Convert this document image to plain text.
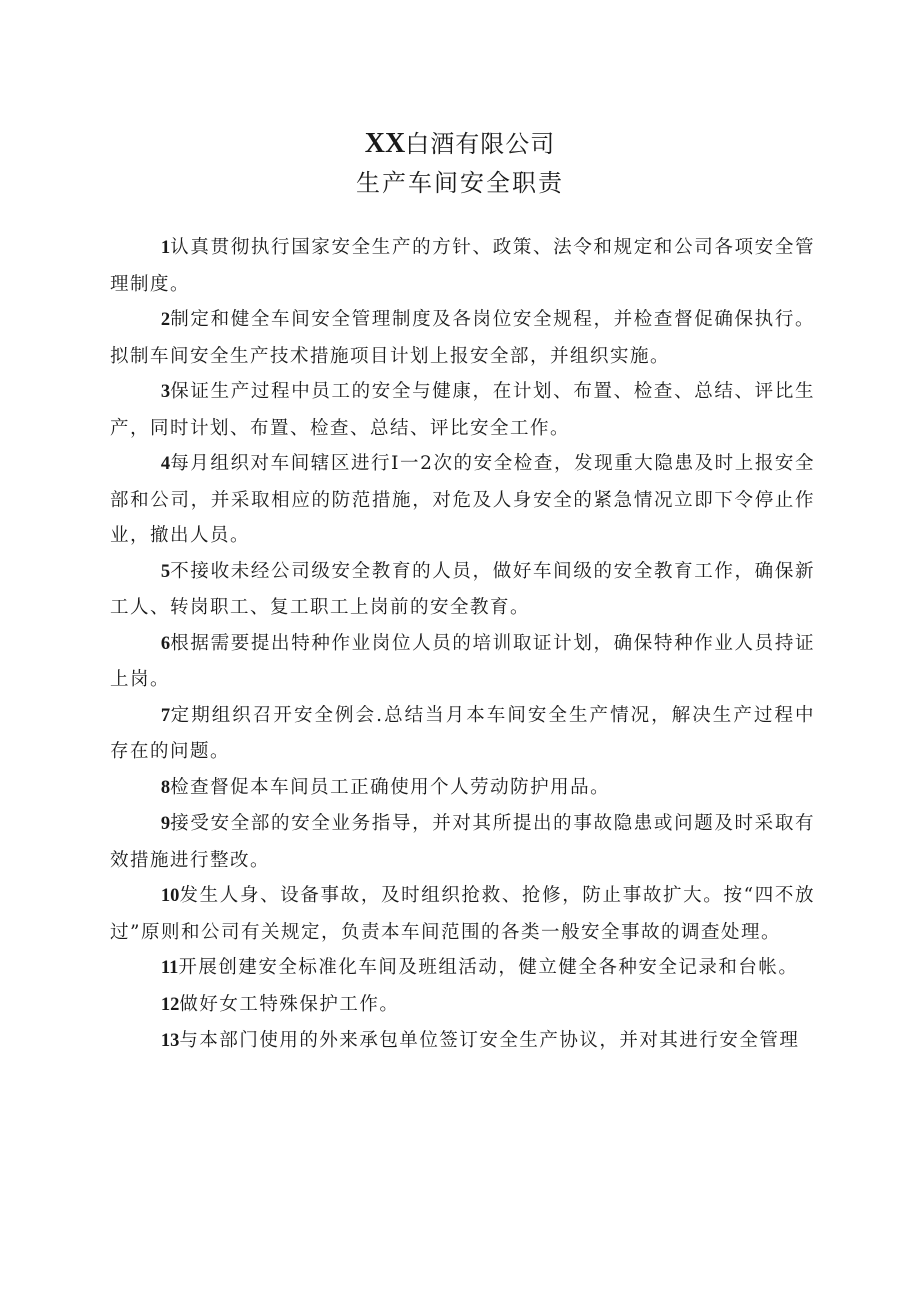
XX白酒有限公司
生产车间安全职责

1认真贯彻执行国家安全生产的方针、政策、法令和规定和公司各项安全管理制度。

2制定和健全车间安全管理制度及各岗位安全规程，并检查督促确保执行。拟制车间安全生产技术措施项目计划上报安全部，并组织实施。

3保证生产过程中员工的安全与健康，在计划、布置、检查、总结、评比生产，同时计划、布置、检查、总结、评比安全工作。

4每月组织对车间辖区进行I一2次的安全检查，发现重大隐患及时上报安全部和公司，并采取相应的防范措施，对危及人身安全的紧急情况立即下令停止作业，撤出人员。

5不接收未经公司级安全教育的人员，做好车间级的安全教育工作，确保新工人、转岗职工、复工职工上岗前的安全教育。

6根据需要提出特种作业岗位人员的培训取证计划，确保特种作业人员持证上岗。

7定期组织召开安全例会.总结当月本车间安全生产情况，解决生产过程中存在的问题。

8检查督促本车间员工正确使用个人劳动防护用品。

9接受安全部的安全业务指导，并对其所提出的事故隐患或问题及时采取有效措施进行整改。

10发生人身、设备事故，及时组织抢救、抢修，防止事故扩大。按“四不放过”原则和公司有关规定，负责本车间范围的各类一般安全事故的调查处理。

11开展创建安全标准化车间及班组活动，健立健全各种安全记录和台帐。

12做好女工特殊保护工作。

13与本部门使用的外来承包单位签订安全生产协议，并对其进行安全管理
